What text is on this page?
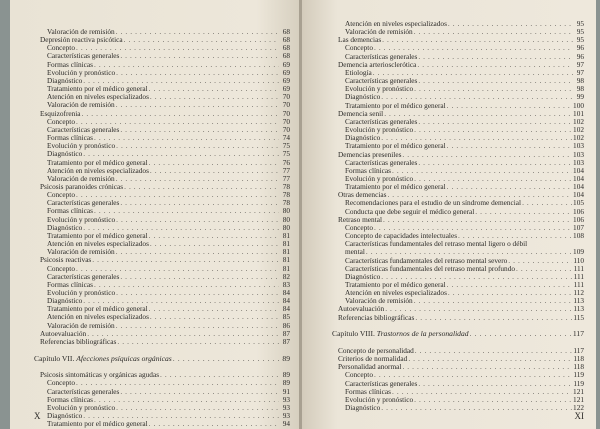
Valoración de remisión . . .	68
Depresión reactiva psicótica . . .	68
Concepto . . .	68
Características generales . . .	68
Formas clínicas . . .	69
Evolución y pronóstico . . .	69
Diagnóstico . . .	69
Tratamiento por el médico general . . .	69
Atención en niveles especializados . . .	70
Valoración de remisión . . .	70
Esquizofrenia . . .	70
Concepto . . .	70
Características generales . . .	70
Formas clínicas . . .	74
Evolución y pronóstico . . .	75
Diagnóstico . . .	75
Tratamiento por el médico general . . .	76
Atención en niveles especializados . . .	77
Valoración de remisión . . .	77
Psicosis paranoides crónicas . . .	78
Concepto . . .	78
Características generales . . .	78
Formas clínicas . . .	80
Evolución y pronóstico . . .	80
Diagnóstico . . .	80
Tratamiento por el médico general . . .	81
Atención en niveles especializados . . .	81
Valoración de remisión . . .	81
Psicosis reactivas . . .	81
Concepto . . .	81
Características generales . . .	82
Formas clínicas . . .	83
Evolución y pronóstico . . .	84
Diagnóstico . . .	84
Tratamiento por el médico general . . .	84
Atención en niveles especializados . . .	85
Valoración de remisión . . .	86
Autoevaluación . . .	87
Referencias bibliográficas . . .	87
Capítulo VII. Afecciones psíquicas orgánicas . . .	89
Psicosis sintomáticas y orgánicas agudas . . .	89
Concepto . . .	89
Características generales . . .	91
Formas clínicas . . .	93
Evolución y pronóstico . . .	93
Diagnóstico . . .	93
Tratamiento por el médico general . . .	94
X
Atención en niveles especializados . . .	95
Valoración de remisión . . .	95
Las demencias . . .	95
Concepto . . .	96
Características generales . . .	96
Demencia arteriosclerótica . . .	97
Etiología . . .	97
Características generales . . .	98
Evolución y pronóstico . . .	98
Diagnóstico . . .	99
Tratamiento por el médico general . . .	100
Demencia senil . . .	101
Características generales . . .	102
Evolución y pronóstico . . .	102
Diagnóstico . . .	102
Tratamiento por el médico general . . .	103
Demencias preseniles . . .	103
Características generales . . .	103
Formas clínicas . . .	104
Evolución y pronóstico . . .	104
Tratamiento por el médico general . . .	104
Otras demencias . . .	104
Recomendaciones para el estudio de un síndrome demencial . . .	105
Conducta que debe seguir el médico general . . .	106
Retraso mental . . .	106
Concepto . . .	107
Concepto de capacidades intelectuales . . .	108
Características fundamentales del retraso mental ligero o débil
mental . . .	109
Características fundamentales del retraso mental severo . . .	110
Características fundamentales del retraso mental profundo . . .	111
Diagnóstico . . .	111
Tratamiento por el médico general . . .	111
Atención en niveles especializados . . .	112
Valoración de remisión . . .	113
Autoevaluación . . .	113
Referencias bibliográficas . . .	115
Capítulo VIII. Trastornos de la personalidad . . .	117
Concepto de personalidad . . .	117
Criterios de normalidad . . .	118
Personalidad anormal . . .	118
Concepto . . .	119
Características generales . . .	119
Formas clínicas . . .	121
Evolución y pronóstico . . .	121
Diagnóstico . . .	122
XI
